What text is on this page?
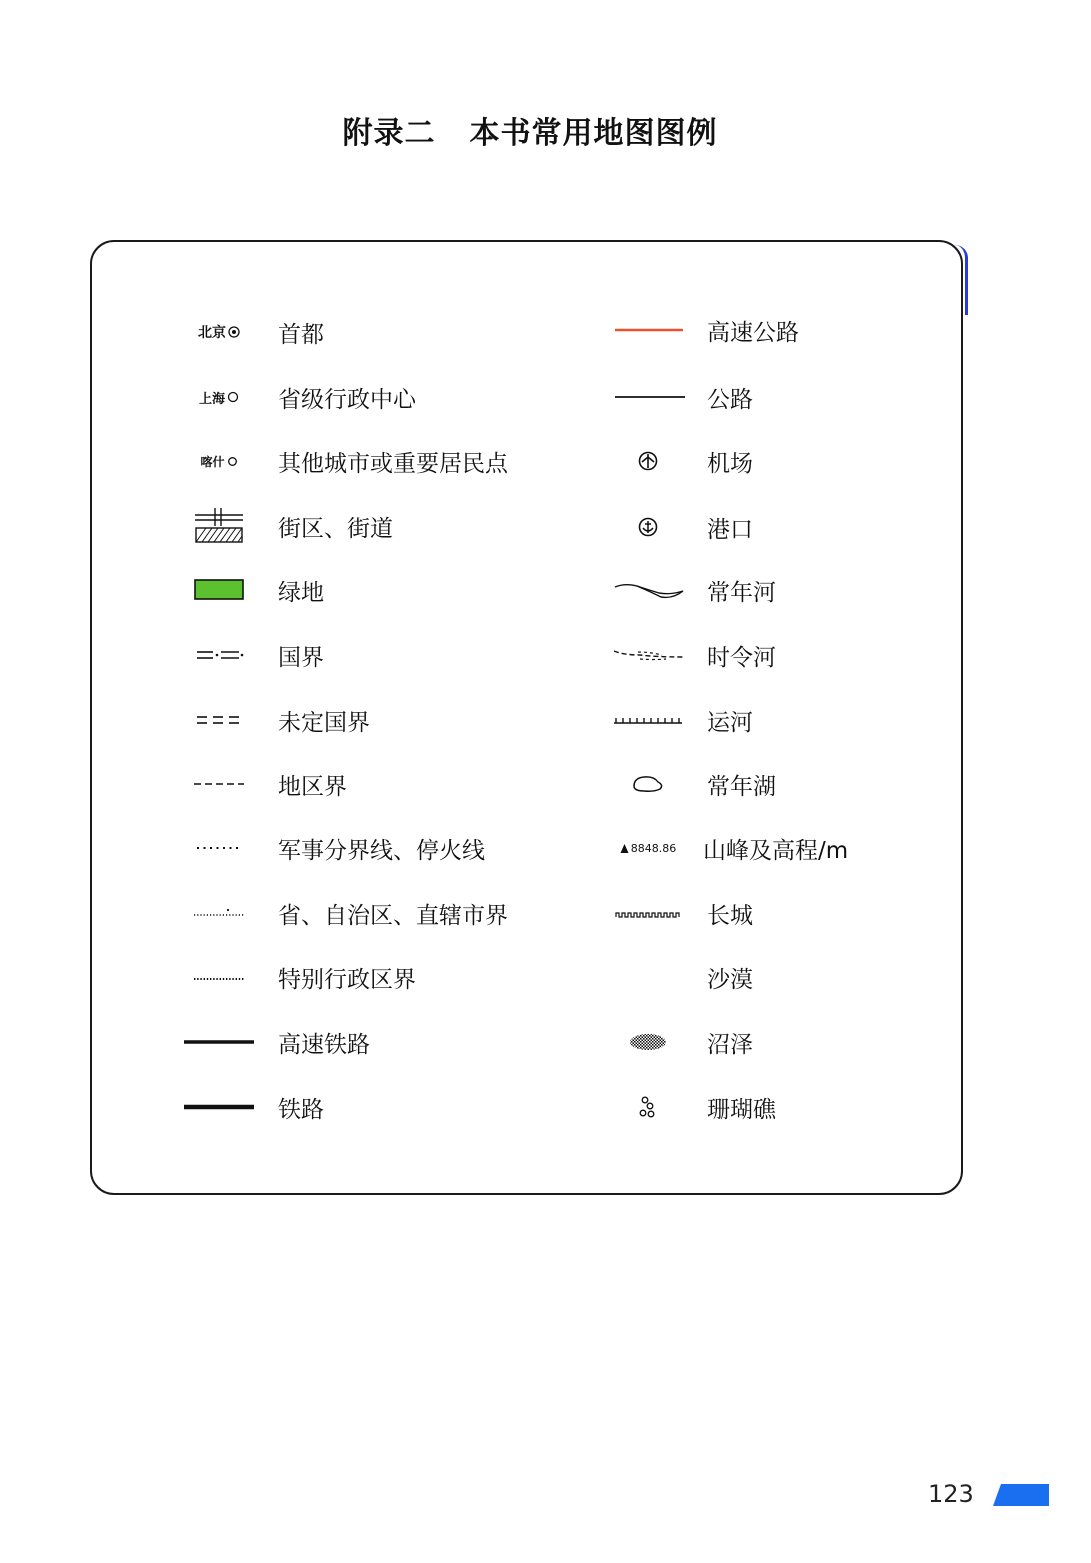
附录二 本书常用地图图例
北京 首都
上海 省级行政中心
喀什 其他城市或重要居民点
街区、街道
绿地
国界
未定国界
地区界
军事分界线、停火线
省、自治区、直辖市界
特别行政区界
高速铁路
铁路
高速公路
公路
机场
港口
常年河
时令河
运河
常年湖
8848.86 山峰及高程/m
长城
沙漠
沼泽
珊瑚礁
123
